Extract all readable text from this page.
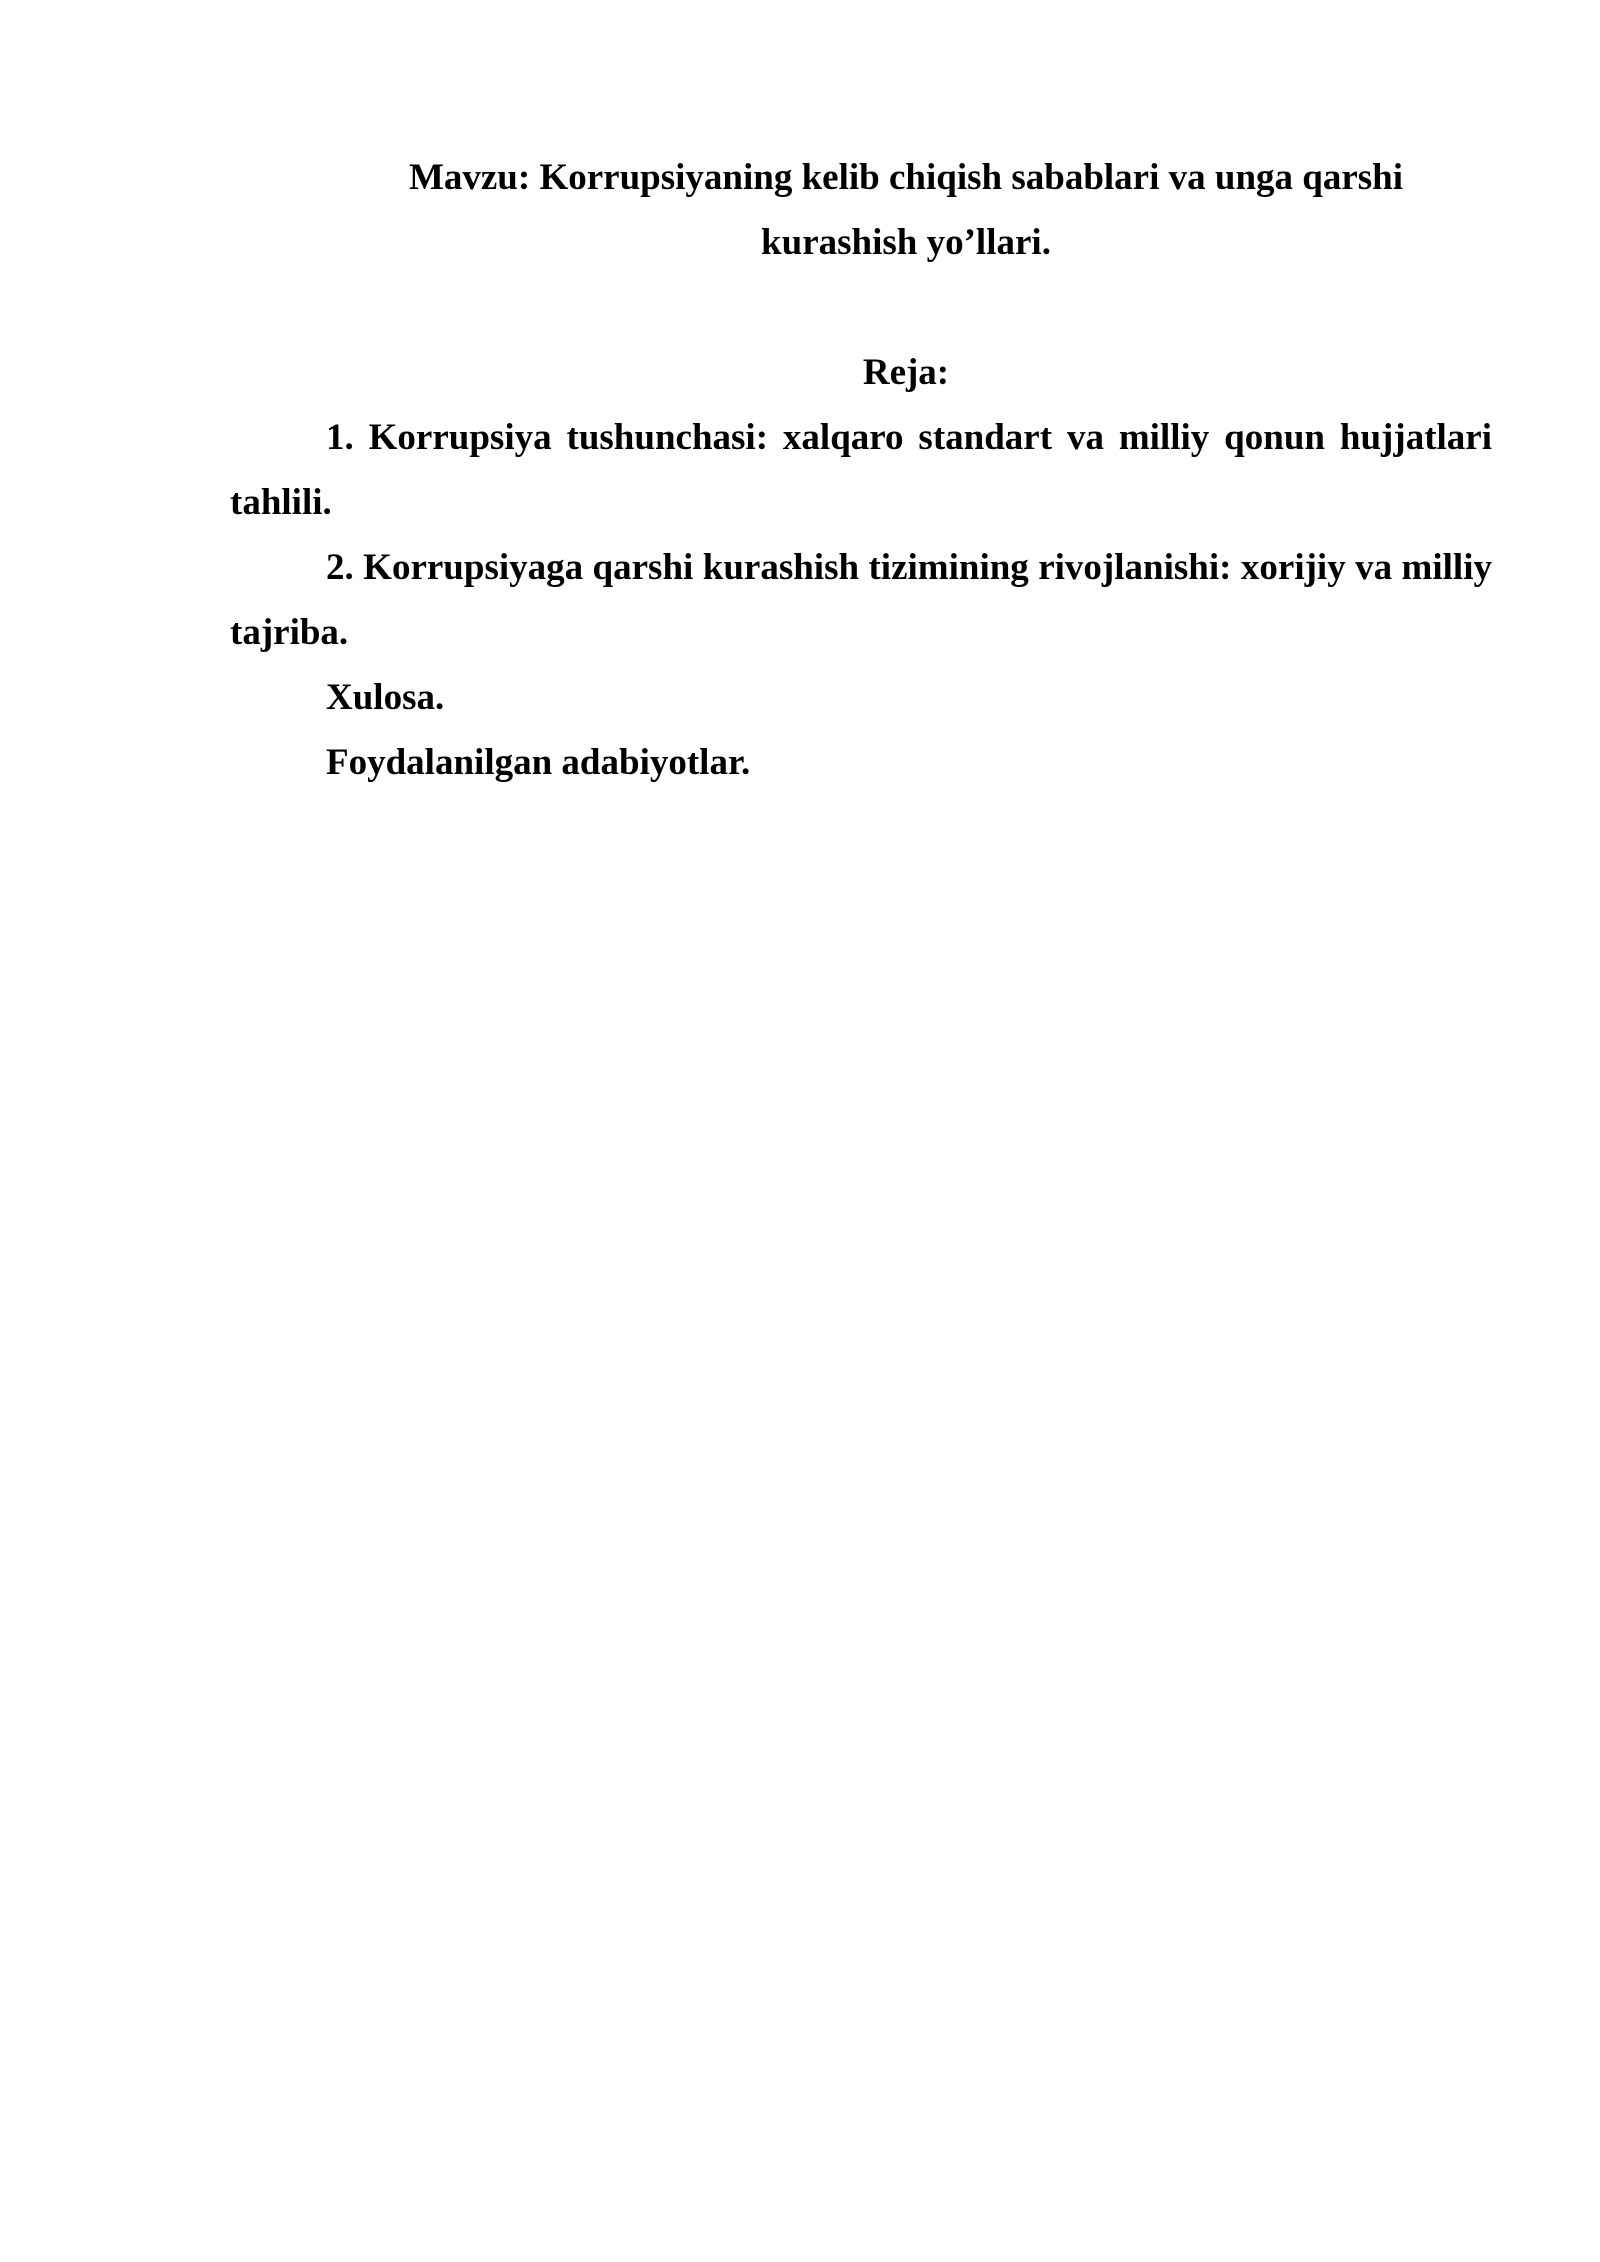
Mavzu: Korrupsiyaning kelib chiqish sabablari va unga qarshi
kurashish yo’llari.
Reja:

1. Korrupsiya tushunchasi: xalqaro standart va milliy qonun hujjatlari tahlili.

2. Korrupsiyaga qarshi kurashish tizimining rivojlanishi: xorijiy va milliy tajriba.

Xulosa.

Foydalanilgan adabiyotlar.
